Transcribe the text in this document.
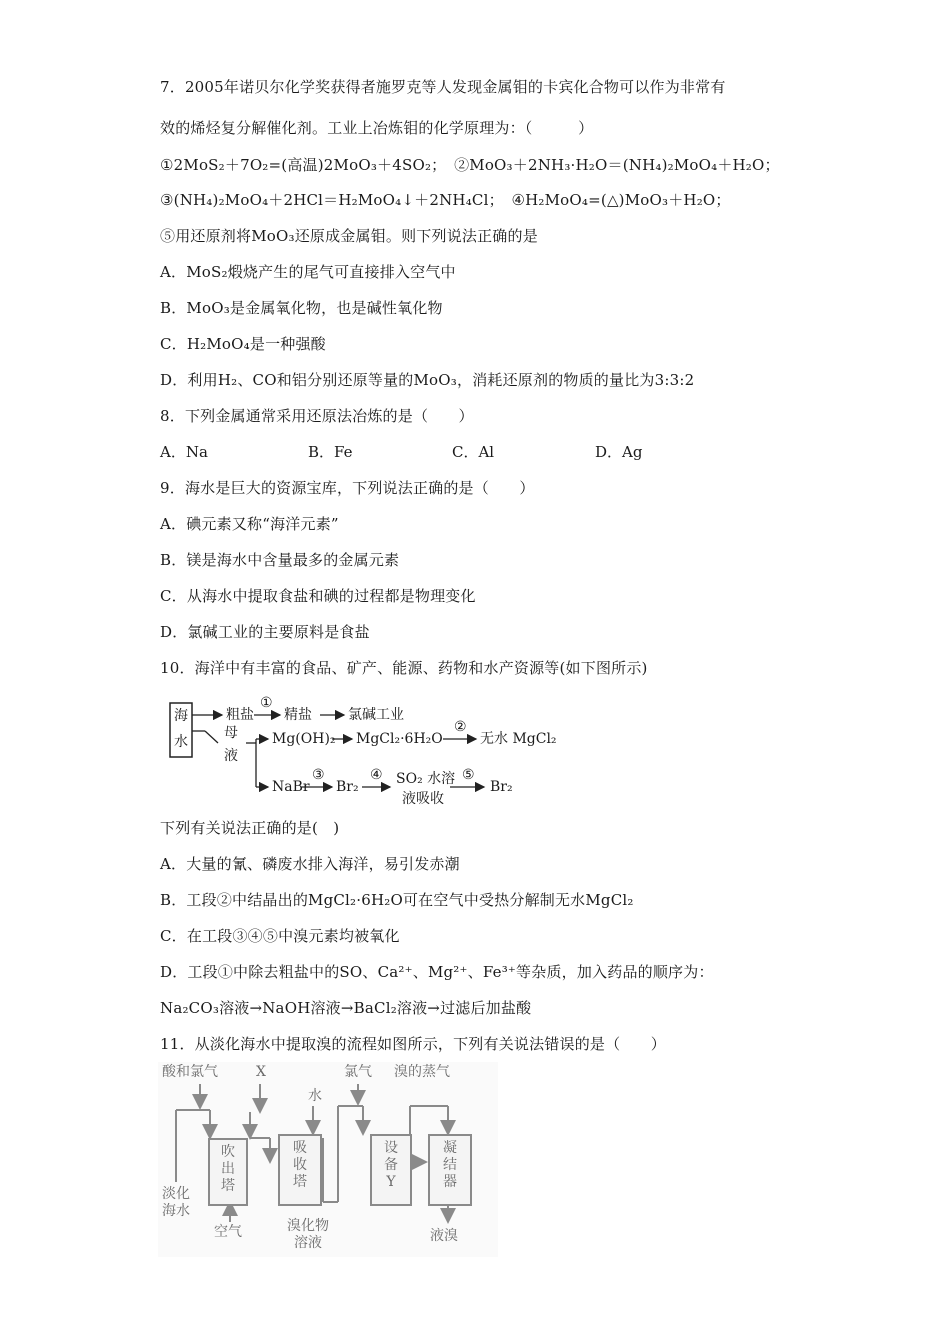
7．2005年诺贝尔化学奖获得者施罗克等人发现金属钼的卡宾化合物可以作为非常有
效的烯烃复分解催化剂。工业上冶炼钼的化学原理为：（　　　）
①2MoS₂＋7O₂=(高温)2MoO₃＋4SO₂；　②MoO₃＋2NH₃·H₂O＝(NH₄)₂MoO₄＋H₂O；
③(NH₄)₂MoO₄＋2HCl＝H₂MoO₄↓＋2NH₄Cl；　④H₂MoO₄=(△)MoO₃＋H₂O；
⑤用还原剂将MoO₃还原成金属钼。则下列说法正确的是
A．MoS₂煅烧产生的尾气可直接排入空气中
B．MoO₃是金属氧化物，也是碱性氧化物
C．H₂MoO₄是一种强酸
D．利用H₂、CO和铝分别还原等量的MoO₃，消耗还原剂的物质的量比为3:3:2
8．下列金属通常采用还原法冶炼的是（　　）
A．Na	B．Fe	C．Al	D．Ag
9．海水是巨大的资源宝库，下列说法正确的是（　　）
A．碘元素又称“海洋元素”
B．镁是海水中含量最多的金属元素
C．从海水中提取食盐和碘的过程都是物理变化
D．氯碱工业的主要原料是食盐
10．海洋中有丰富的食品、矿产、能源、药物和水产资源等(如下图所示)
海
水
粗盐
①
精盐	氯碱工业
母
液
Mg(OH)₂ MgCl₂·6H₂O
②
无水 MgCl₂
NaBr
③
Br₂
④ SO₂ 水溶
液吸收
⑤
Br₂
下列有关说法正确的是(　)
A．大量的氰、磷废水排入海洋，易引发赤潮
B．工段②中结晶出的MgCl₂·6H₂O可在空气中受热分解制无水MgCl₂
C．在工段③④⑤中溴元素均被氧化
D．工段①中除去粗盐中的SO、Ca²⁺、Mg²⁺、Fe³⁺等杂质，加入药品的顺序为：
Na₂CO₃溶液→NaOH溶液→BaCl₂溶液→过滤后加盐酸
11．从淡化海水中提取溴的流程如图所示，下列有关说法错误的是（　　）
酸和氯气	X
水
氯气 溴的蒸气
吹出塔
吸收塔
设备Y
凝结器
淡化海水
空气	溴化物溶液	液溴
